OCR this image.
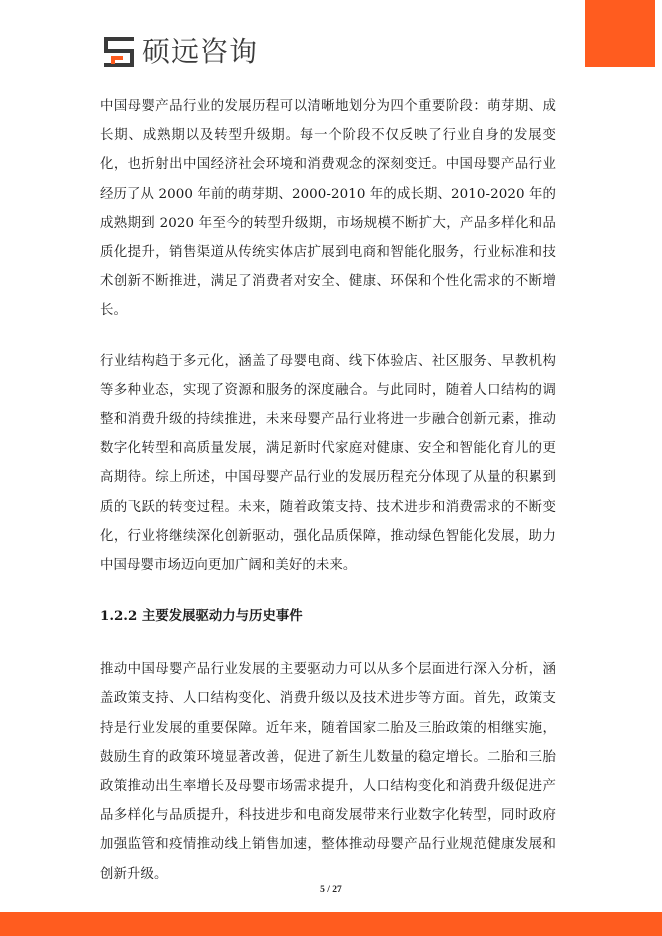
硕远咨询

中国母婴产品行业的发展历程可以清晰地划分为四个重要阶段：萌芽期、成长期、成熟期以及转型升级期。每一个阶段不仅反映了行业自身的发展变化，也折射出中国经济社会环境和消费观念的深刻变迁。中国母婴产品行业经历了从 2000 年前的萌芽期、2000-2010 年的成长期、2010-2020 年的成熟期到 2020 年至今的转型升级期，市场规模不断扩大，产品多样化和品质化提升，销售渠道从传统实体店扩展到电商和智能化服务，行业标准和技术创新不断推进，满足了消费者对安全、健康、环保和个性化需求的不断增长。

行业结构趋于多元化，涵盖了母婴电商、线下体验店、社区服务、早教机构等多种业态，实现了资源和服务的深度融合。与此同时，随着人口结构的调整和消费升级的持续推进，未来母婴产品行业将进一步融合创新元素，推动数字化转型和高质量发展，满足新时代家庭对健康、安全和智能化育儿的更高期待。综上所述，中国母婴产品行业的发展历程充分体现了从量的积累到质的飞跃的转变过程。未来，随着政策支持、技术进步和消费需求的不断变化，行业将继续深化创新驱动，强化品质保障，推动绿色智能化发展，助力中国母婴市场迈向更加广阔和美好的未来。

1.2.2 主要发展驱动力与历史事件

推动中国母婴产品行业发展的主要驱动力可以从多个层面进行深入分析，涵盖政策支持、人口结构变化、消费升级以及技术进步等方面。首先，政策支持是行业发展的重要保障。近年来，随着国家二胎及三胎政策的相继实施，鼓励生育的政策环境显著改善，促进了新生儿数量的稳定增长。二胎和三胎政策推动出生率增长及母婴市场需求提升，人口结构变化和消费升级促进产品多样化与品质提升，科技进步和电商发展带来行业数字化转型，同时政府加强监管和疫情推动线上销售加速，整体推动母婴产品行业规范健康发展和创新升级。

5 / 27
